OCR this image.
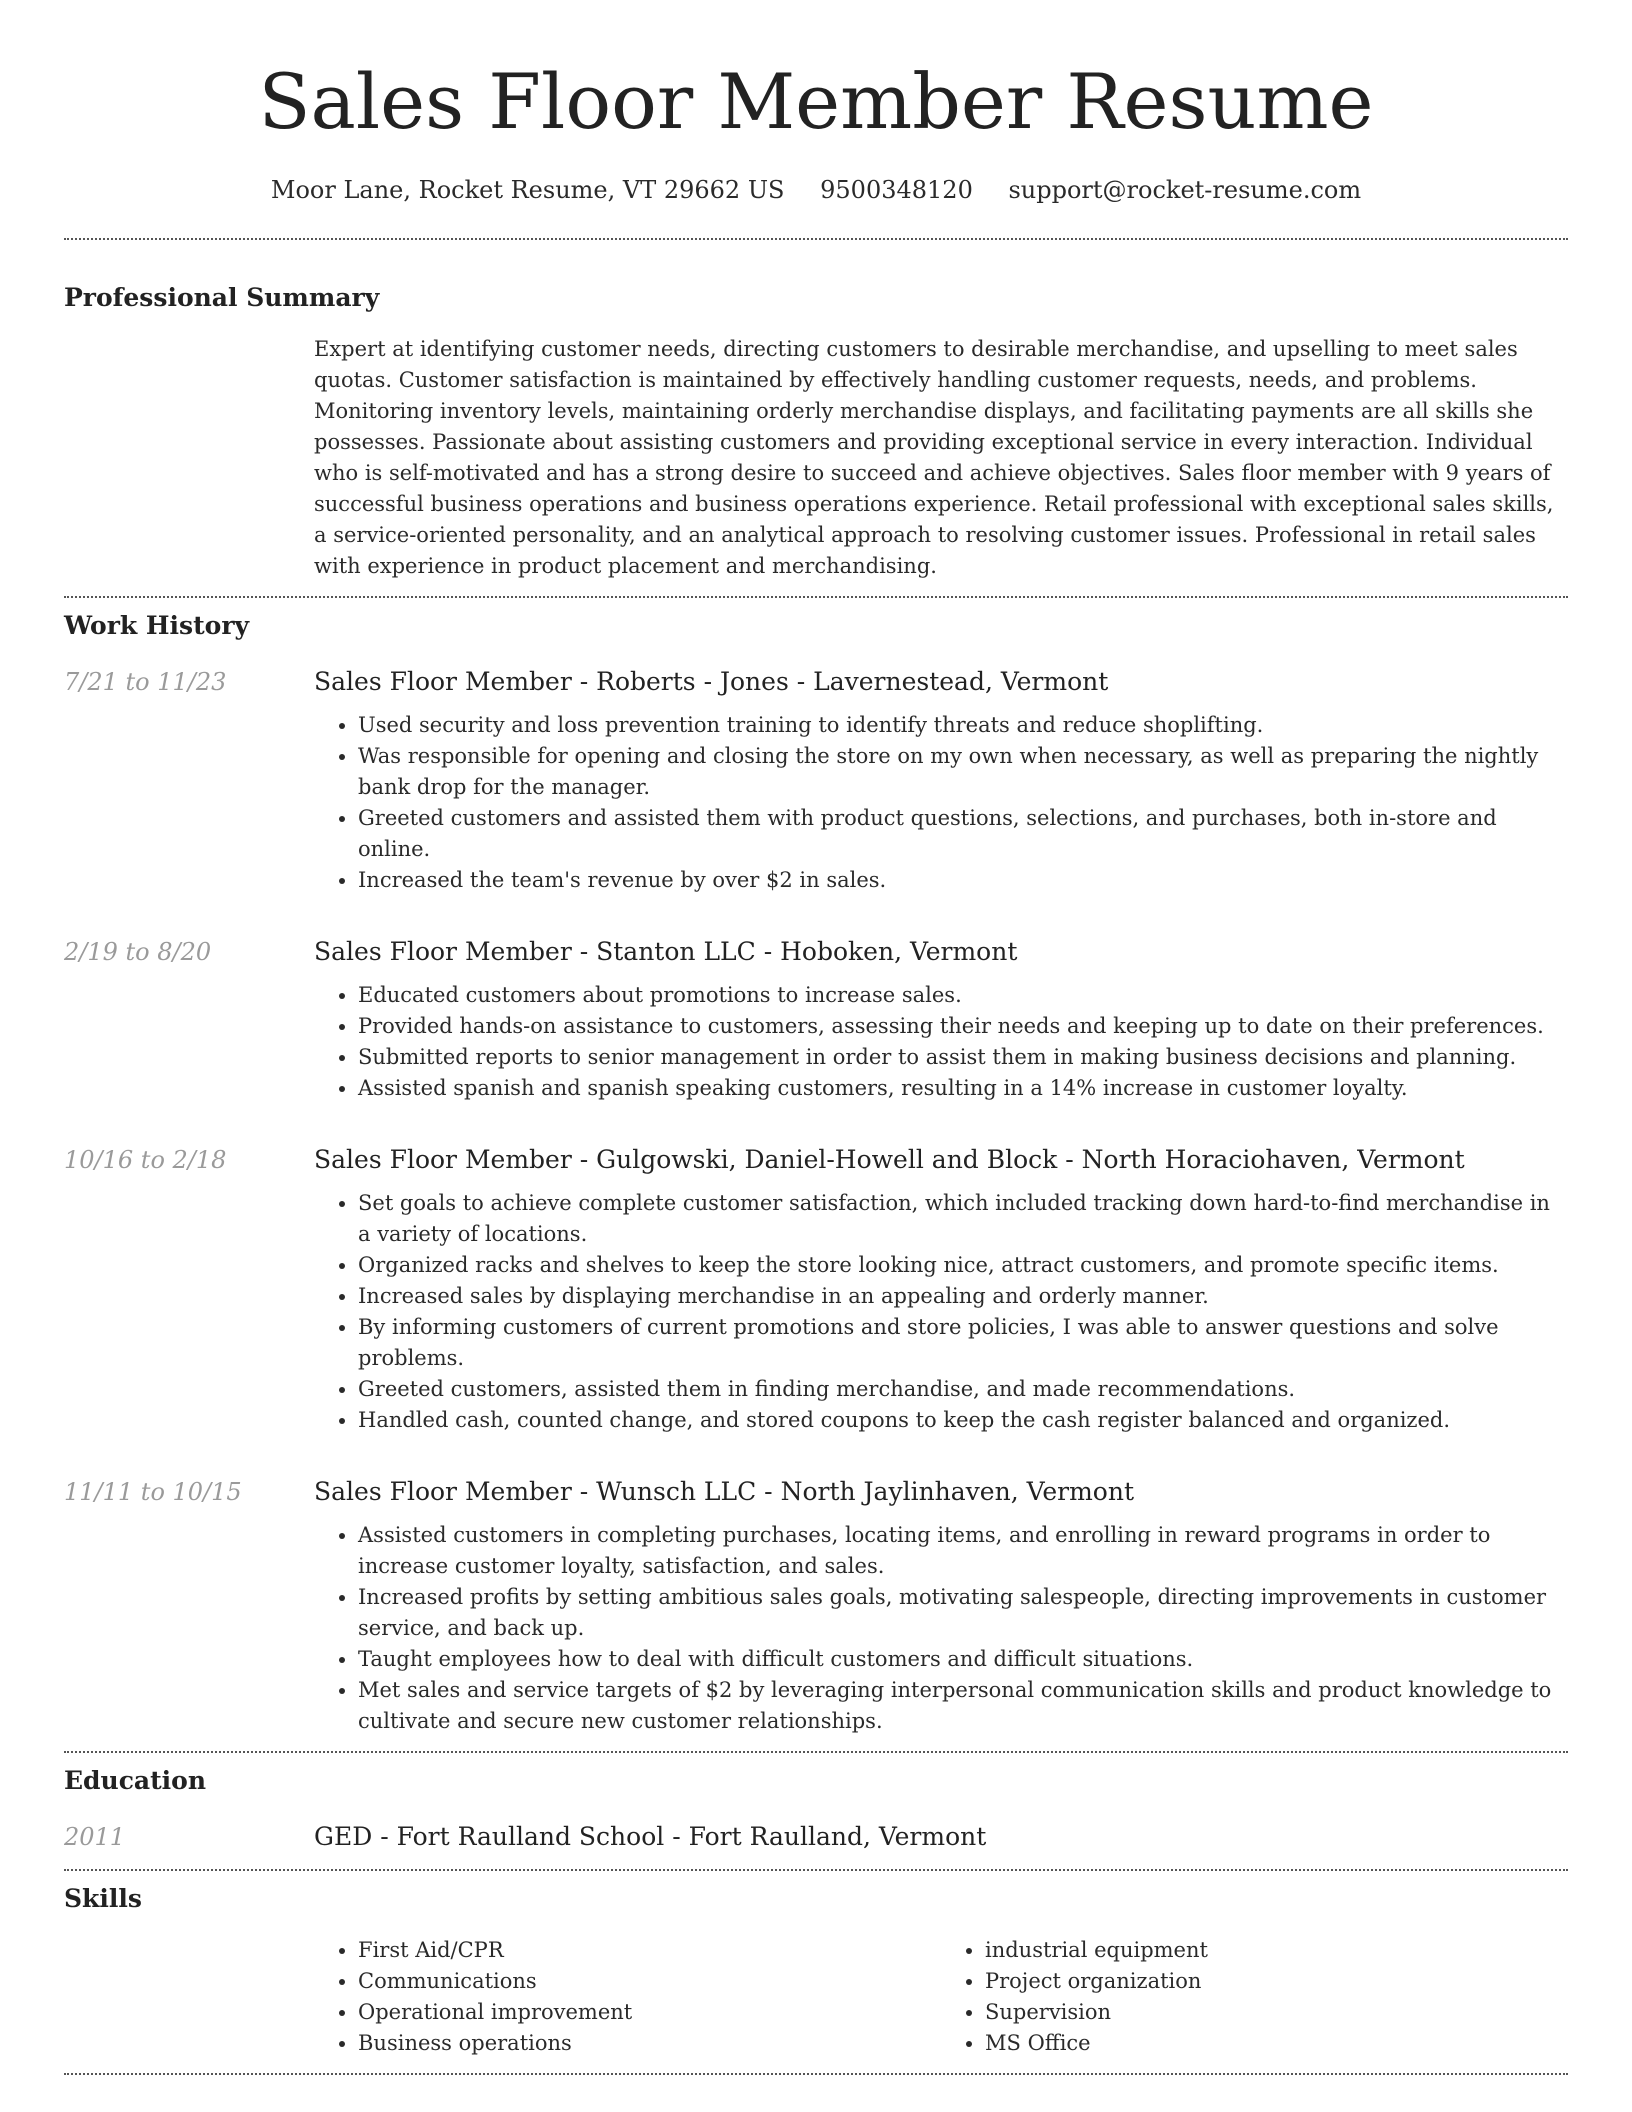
Sales Floor Member Resume
Moor Lane, Rocket Resume, VT 29662 US 9500348120 support@rocket-resume.com
Professional Summary

Expert at identifying customer needs, directing customers to desirable merchandise, and upselling to meet sales quotas. Customer satisfaction is maintained by effectively handling customer requests, needs, and problems. Monitoring inventory levels, maintaining orderly merchandise displays, and facilitating payments are all skills she possesses. Passionate about assisting customers and providing exceptional service in every interaction. Individual who is self-motivated and has a strong desire to succeed and achieve objectives. Sales floor member with 9 years of successful business operations and business operations experience. Retail professional with exceptional sales skills, a service-oriented personality, and an analytical approach to resolving customer issues. Professional in retail sales with experience in product placement and merchandising.

Work History
7/21 to 11/23	Sales Floor Member - Roberts - Jones - Lavernestead, Vermont
• Used security and loss prevention training to identify threats and reduce shoplifting.
• Was responsible for opening and closing the store on my own when necessary, as well as preparing the nightly bank drop for the manager.
• Greeted customers and assisted them with product questions, selections, and purchases, both in-store and online.
• Increased the team's revenue by over $2 in sales.
2/19 to 8/20	Sales Floor Member - Stanton LLC - Hoboken, Vermont
• Educated customers about promotions to increase sales.
• Provided hands-on assistance to customers, assessing their needs and keeping up to date on their preferences.
• Submitted reports to senior management in order to assist them in making business decisions and planning.
• Assisted spanish and spanish speaking customers, resulting in a 14% increase in customer loyalty.
10/16 to 2/18	Sales Floor Member - Gulgowski, Daniel-Howell and Block - North Horaciohaven, Vermont
• Set goals to achieve complete customer satisfaction, which included tracking down hard-to-find merchandise in a variety of locations.
• Organized racks and shelves to keep the store looking nice, attract customers, and promote specific items.
• Increased sales by displaying merchandise in an appealing and orderly manner.
• By informing customers of current promotions and store policies, I was able to answer questions and solve problems.
• Greeted customers, assisted them in finding merchandise, and made recommendations.
• Handled cash, counted change, and stored coupons to keep the cash register balanced and organized.
11/11 to 10/15	Sales Floor Member - Wunsch LLC - North Jaylinhaven, Vermont
• Assisted customers in completing purchases, locating items, and enrolling in reward programs in order to increase customer loyalty, satisfaction, and sales.
• Increased profits by setting ambitious sales goals, motivating salespeople, directing improvements in customer service, and back up.
• Taught employees how to deal with difficult customers and difficult situations.
• Met sales and service targets of $2 by leveraging interpersonal communication skills and product knowledge to cultivate and secure new customer relationships.
Education
2011	GED - Fort Raulland School - Fort Raulland, Vermont
Skills
• First Aid/CPR
• Communications
• Operational improvement
• Business operations
• industrial equipment
• Project organization
• Supervision
• MS Office
